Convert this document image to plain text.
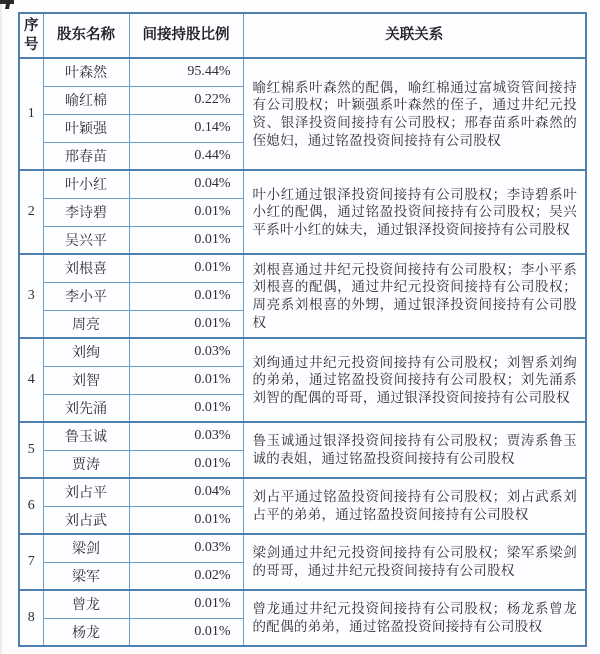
序号	股东名称	间接持股比例	关联关系
1	叶森然	95.44%	喻红棉系叶森然的配偶，喻红棉通过富城资管间接持有公司股权；叶颖强系叶森然的侄子，通过井纪元投资、银泽投资间接持有公司股权；邢春苗系叶森然的侄媳妇，通过铭盈投资间接持有公司股权
	喻红棉	0.22%	
	叶颖强	0.14%	
	邢春苗	0.44%	
2	叶小红	0.04%	叶小红通过银泽投资间接持有公司股权；李诗碧系叶小红的配偶，通过铭盈投资间接持有公司股权；吴兴平系叶小红的妹夫，通过银泽投资间接持有公司股权
	李诗碧	0.01%	
	吴兴平	0.01%	
3	刘根喜	0.01%	刘根喜通过井纪元投资间接持有公司股权；李小平系刘根喜的配偶，通过井纪元投资间接持有公司股权；周亮系刘根喜的外甥，通过银泽投资间接持有公司股权
	李小平	0.01%	
	周亮	0.01%	
4	刘绚	0.03%	刘绚通过井纪元投资间接持有公司股权；刘智系刘绚的弟弟，通过铭盈投资间接持有公司股权；刘先涌系刘智的配偶的哥哥，通过银泽投资间接持有公司股权
	刘智	0.01%	
	刘先涌	0.01%	
5	鲁玉诚	0.03%	鲁玉诚通过银泽投资间接持有公司股权；贾涛系鲁玉诚的表姐，通过铭盈投资间接持有公司股权
	贾涛	0.01%	
6	刘占平	0.04%	刘占平通过铭盈投资间接持有公司股权；刘占武系刘占平的弟弟，通过铭盈投资间接持有公司股权
	刘占武	0.01%	
7	梁剑	0.03%	梁剑通过井纪元投资间接持有公司股权；梁军系梁剑的哥哥，通过井纪元投资间接持有公司股权
	梁军	0.02%	
8	曾龙	0.01%	曾龙通过井纪元投资间接持有公司股权；杨龙系曾龙的配偶的弟弟，通过铭盈投资间接持有公司股权
	杨龙	0.01%	
